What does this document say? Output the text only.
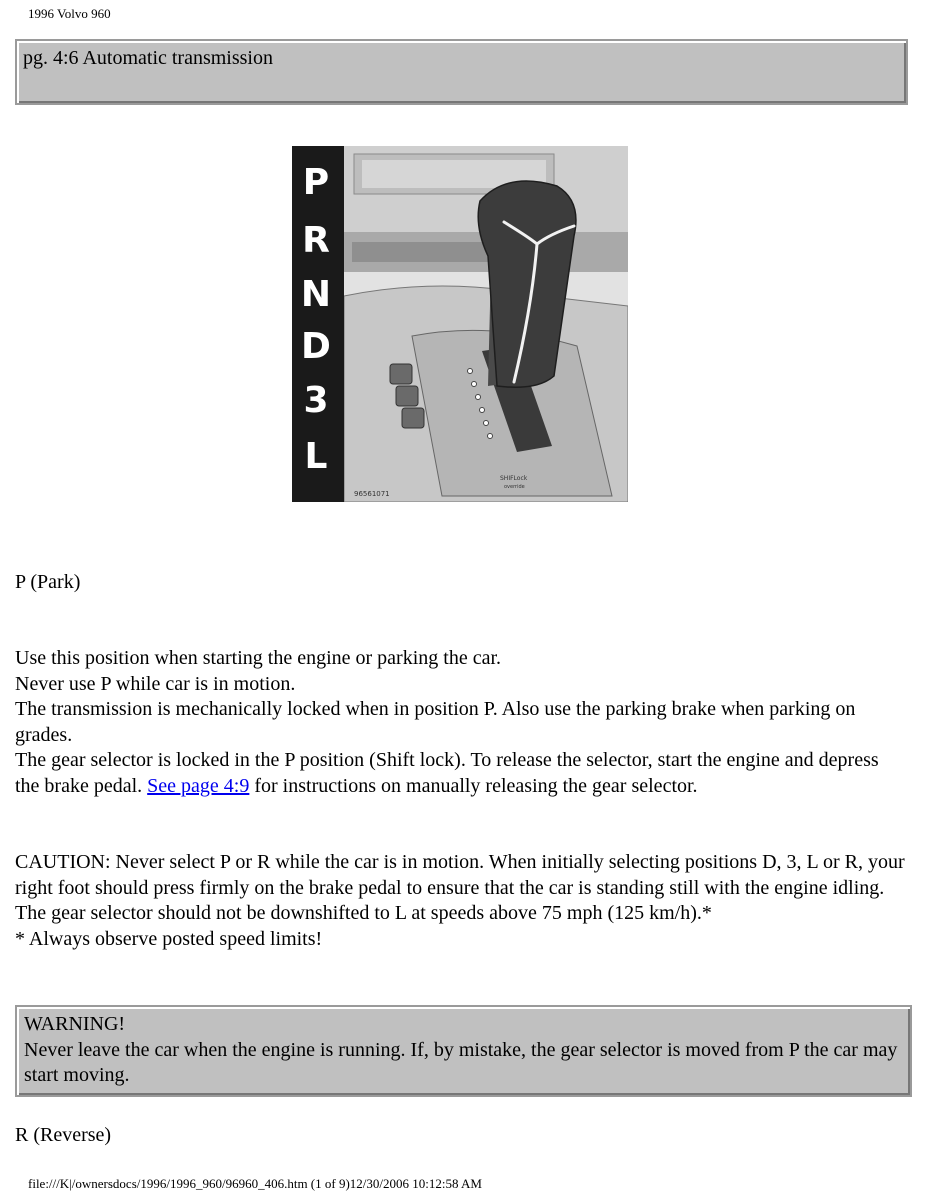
1996 Volvo 960
pg. 4:6 Automatic transmission
P
R
N
D
3
L
96561071
SHIFLock
override
P (Park)
Use this position when starting the engine or parking the car.
Never use P while car is in motion.
The transmission is mechanically locked when in position P. Also use the parking brake when parking on grades.
The gear selector is locked in the P position (Shift lock). To release the selector, start the engine and depress the brake pedal. See page 4:9 for instructions on manually releasing the gear selector.
CAUTION: Never select P or R while the car is in motion. When initially selecting positions D, 3, L or R, your right foot should press firmly on the brake pedal to ensure that the car is standing still with the engine idling. The gear selector should not be downshifted to L at speeds above 75 mph (125 km/h).*
* Always observe posted speed limits!
WARNING!
Never leave the car when the engine is running. If, by mistake, the gear selector is moved from P the car may start moving.
R (Reverse)
file:///K|/ownersdocs/1996/1996_960/96960_406.htm (1 of 9)12/30/2006 10:12:58 AM
